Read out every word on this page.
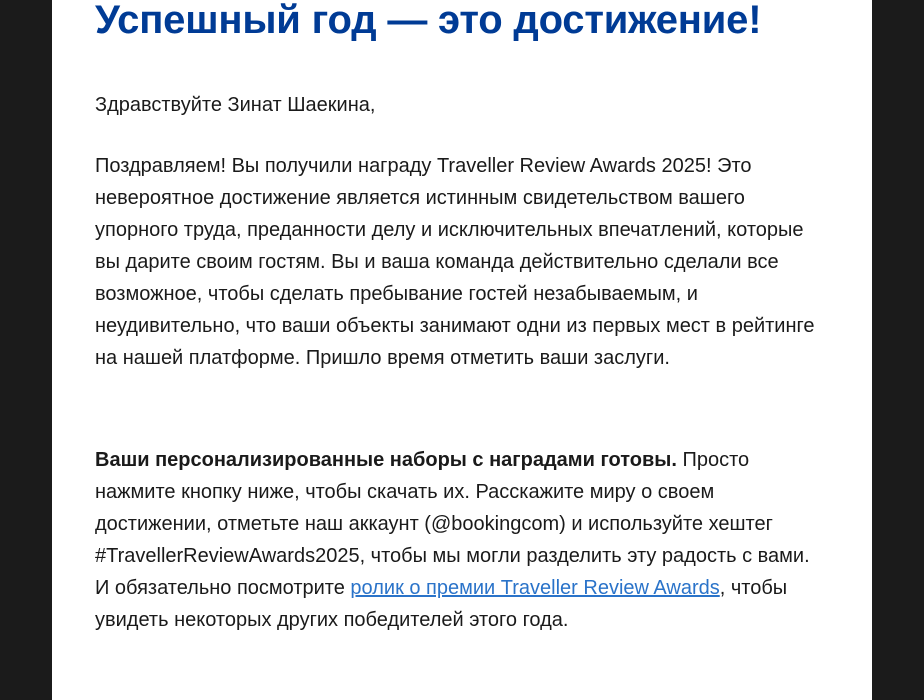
Успешный год — это достижение!

Здравствуйте Зинат Шаекина,

Поздравляем! Вы получили награду Traveller Review Awards 2025! Это невероятное достижение является истинным свидетельством вашего упорного труда, преданности делу и исключительных впечатлений, которые вы дарите своим гостям. Вы и ваша команда действительно сделали все возможное, чтобы сделать пребывание гостей незабываемым, и неудивительно, что ваши объекты занимают одни из первых мест в рейтинге на нашей платформе. Пришло время отметить ваши заслуги.

Ваши персонализированные наборы с наградами готовы. Просто нажмите кнопку ниже, чтобы скачать их. Расскажите миру о своем достижении, отметьте наш аккаунт (@bookingcom) и используйте хештег #TravellerReviewAwards2025, чтобы мы могли разделить эту радость с вами. И обязательно посмотрите ролик о премии Traveller Review Awards, чтобы увидеть некоторых других победителей этого года.
